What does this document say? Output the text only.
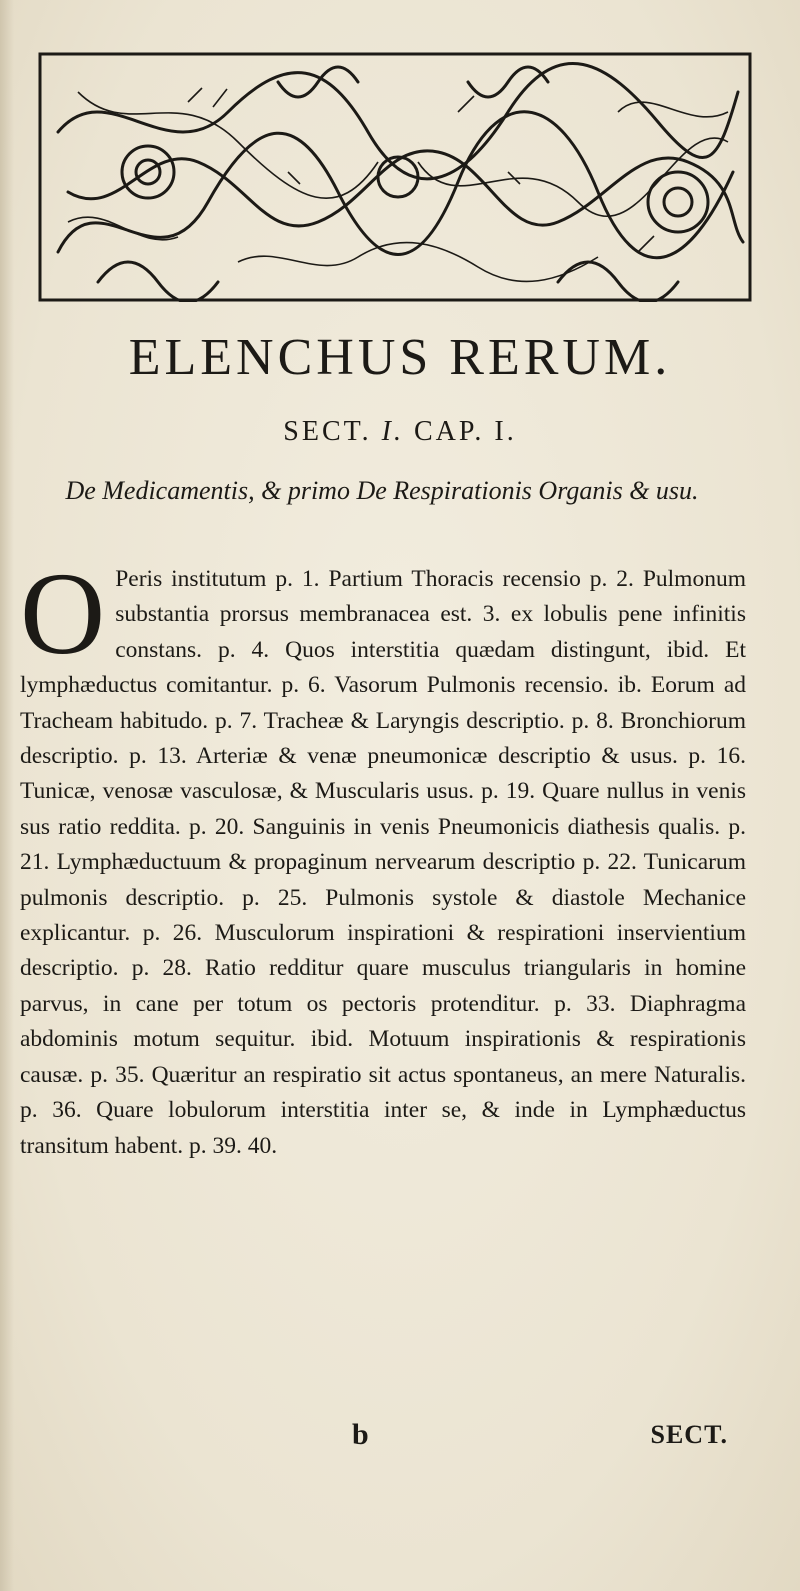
ELENCHUS RERUM.
SECT. I. CAP. I.
De Medicamentis, & primo De Respirationis Organis & usu.
O Peris institutum p. 1. Partium Thoracis recensio p. 2. Pulmonum substantia prorsus membranacea est. 3. ex lobulis pene infinitis constans. p. 4. Quos interstitia quædam distingunt, ibid. Et lymphæductus comitantur. p. 6. Vasorum Pulmonis recensio. ib. Eorum ad Tracheam habitudo. p. 7. Tracheæ & Laryngis descriptio. p. 8. Bronchiorum descriptio. p. 13. Arteriæ & venæ pneumonicæ descriptio & usus. p. 16. Tunicæ, venosæ vasculosæ, & Muscularis usus. p. 19. Quare nullus in venis sus ratio reddita. p. 20. Sanguinis in venis Pneumonicis diathesis qualis. p. 21. Lymphæductuum & propaginum nervearum descriptio p. 22. Tunicarum pulmonis descriptio. p. 25. Pulmonis systole & diastole Mechanice explicantur. p. 26. Musculorum inspirationi & respirationi inservientium descriptio. p. 28. Ratio redditur quare musculus triangularis in homine parvus, in cane per totum os pectoris protenditur. p. 33. Diaphragma abdominis motum sequitur. ibid. Motuum inspirationis & respirationis causæ. p. 35. Quæritur an respiratio sit actus spontaneus, an mere Naturalis. p. 36. Quare lobulorum interstitia inter se, & inde in Lymphæductus transitum habent. p. 39. 40.
b	SECT.
